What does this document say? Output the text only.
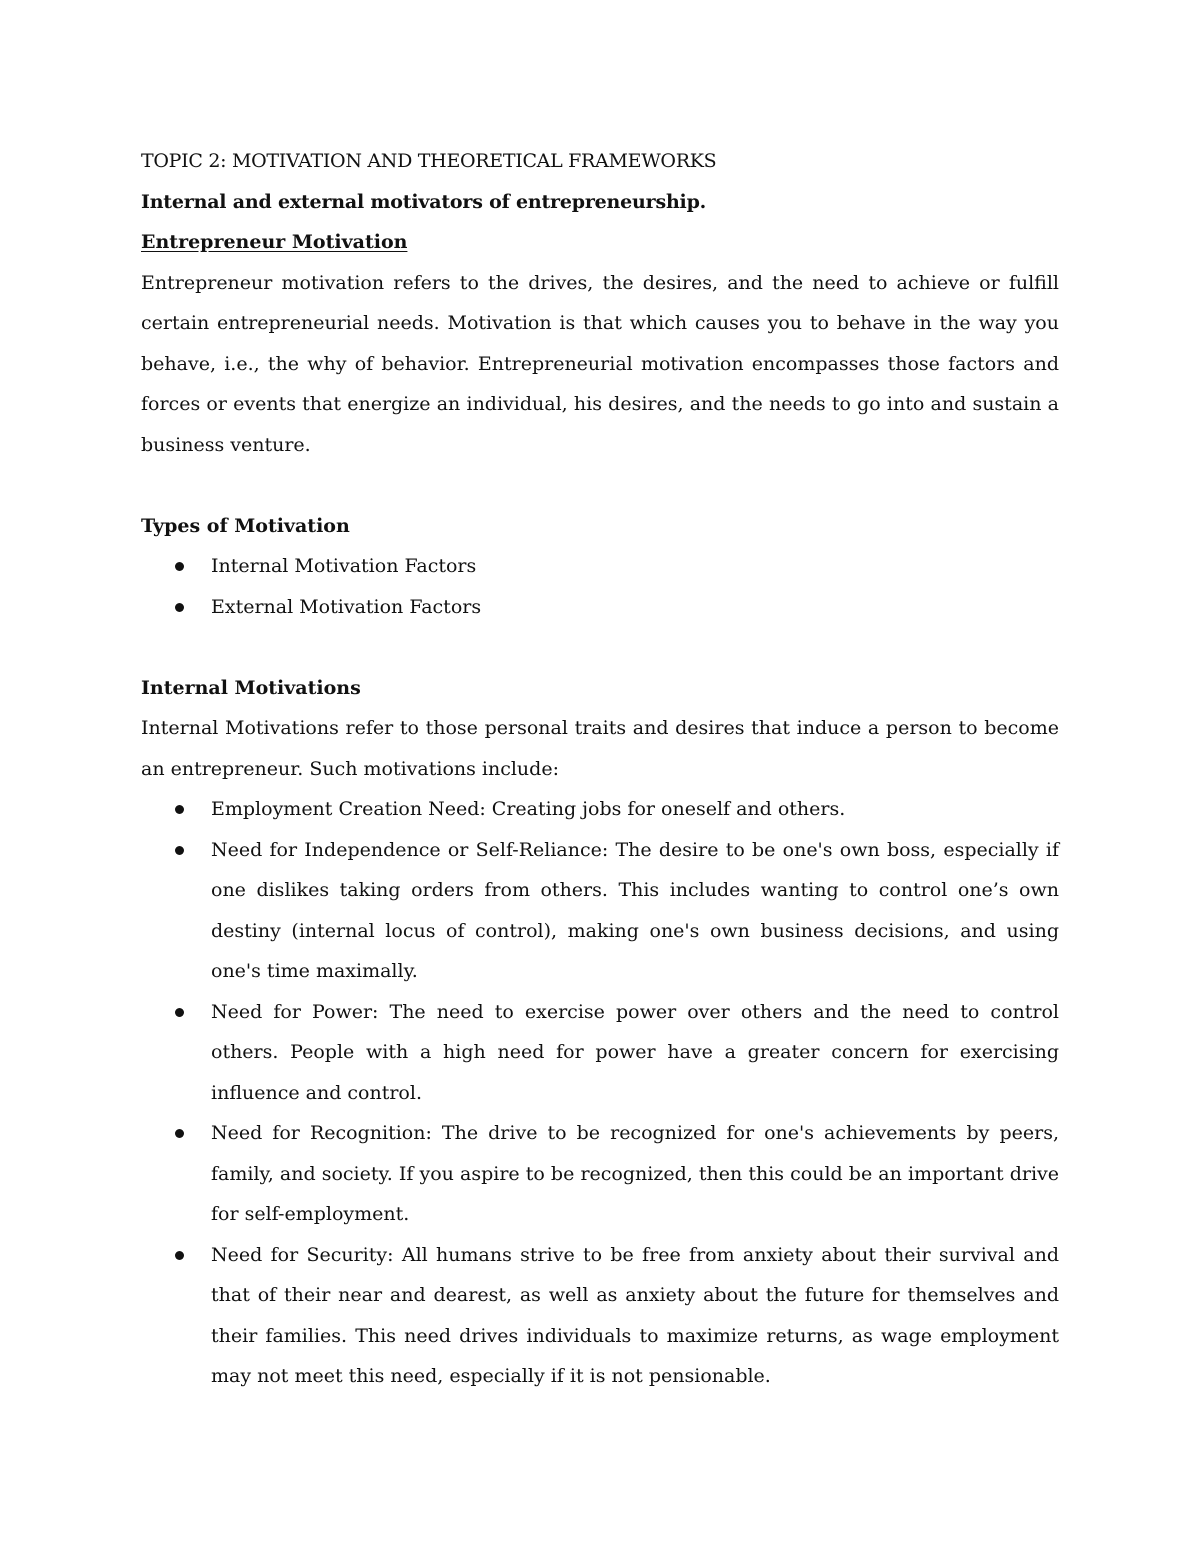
TOPIC 2: MOTIVATION AND THEORETICAL FRAMEWORKS
Internal and external motivators of entrepreneurship.
Entrepreneur Motivation

Entrepreneur motivation refers to the drives, the desires, and the need to achieve or fulfill certain entrepreneurial needs. Motivation is that which causes you to behave in the way you behave, i.e., the why of behavior. Entrepreneurial motivation encompasses those factors and forces or events that energize an individual, his desires, and the needs to go into and sustain a business venture.

Types of Motivation
Internal Motivation Factors
External Motivation Factors
Internal Motivations

Internal Motivations refer to those personal traits and desires that induce a person to become an entrepreneur. Such motivations include:

Employment Creation Need: Creating jobs for oneself and others.
Need for Independence or Self-Reliance: The desire to be one's own boss, especially if one dislikes taking orders from others. This includes wanting to control one’s own destiny (internal locus of control), making one's own business decisions, and using one's time maximally.
Need for Power: The need to exercise power over others and the need to control others. People with a high need for power have a greater concern for exercising influence and control.
Need for Recognition: The drive to be recognized for one's achievements by peers, family, and society. If you aspire to be recognized, then this could be an important drive for self-employment.
Need for Security: All humans strive to be free from anxiety about their survival and that of their near and dearest, as well as anxiety about the future for themselves and their families. This need drives individuals to maximize returns, as wage employment may not meet this need, especially if it is not pensionable.
